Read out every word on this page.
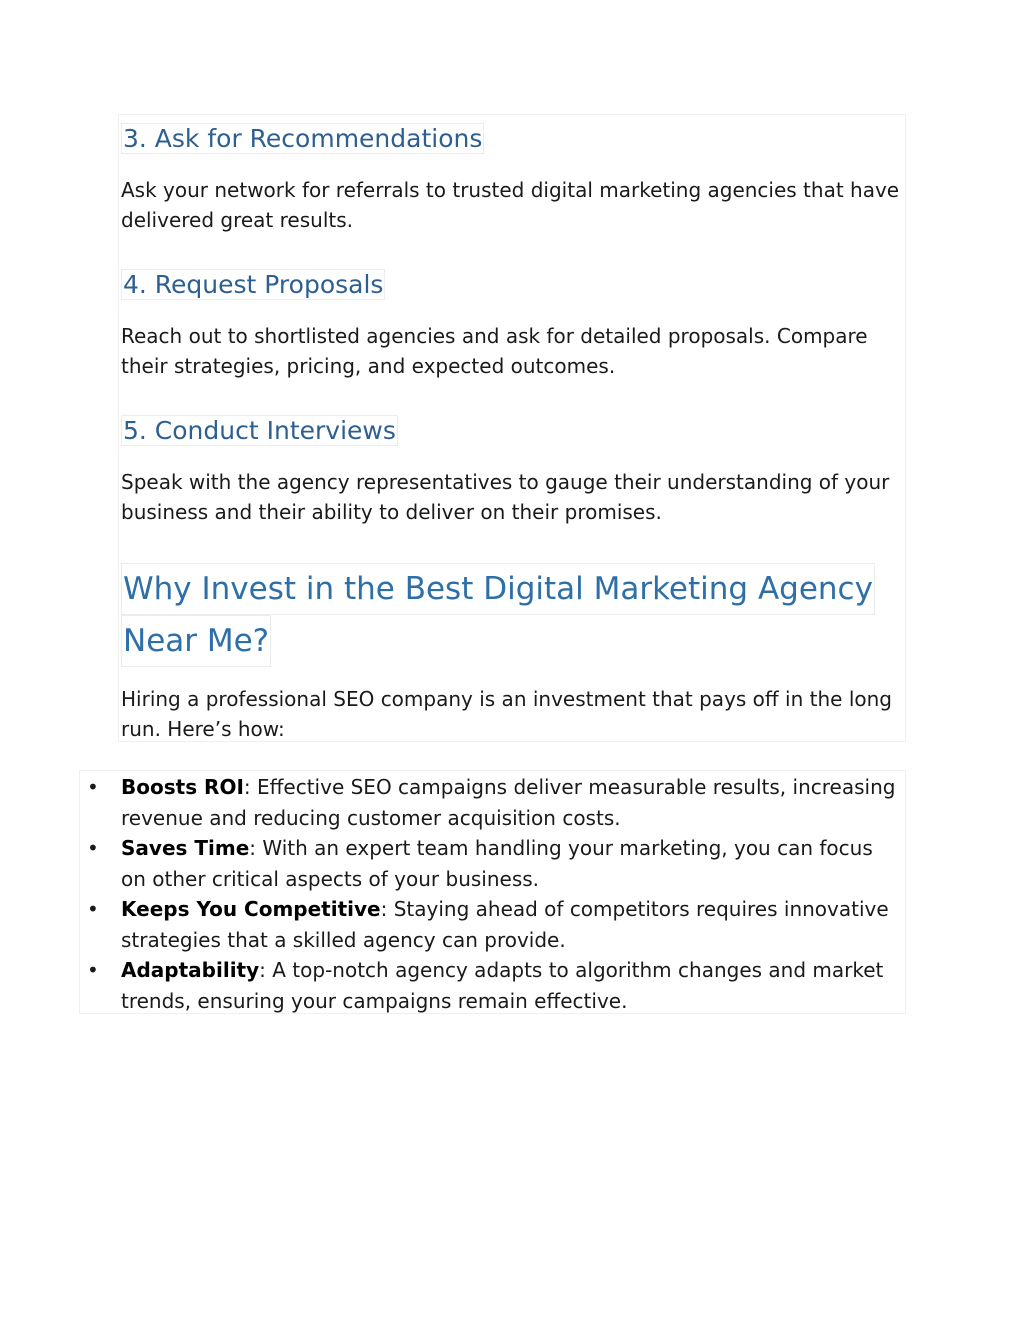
3. Ask for Recommendations

Ask your network for referrals to trusted digital marketing agencies that have delivered great results.

4. Request Proposals

Reach out to shortlisted agencies and ask for detailed proposals. Compare their strategies, pricing, and expected outcomes.

5. Conduct Interviews

Speak with the agency representatives to gauge their understanding of your business and their ability to deliver on their promises.

Why Invest in the Best Digital Marketing Agency
Near Me?

Hiring a professional SEO company is an investment that pays off in the long run. Here’s how:

• Boosts ROI: Effective SEO campaigns deliver measurable results, increasing revenue and reducing customer acquisition costs.
• Saves Time: With an expert team handling your marketing, you can focus on other critical aspects of your business.
• Keeps You Competitive: Staying ahead of competitors requires innovative strategies that a skilled agency can provide.
• Adaptability: A top-notch agency adapts to algorithm changes and market trends, ensuring your campaigns remain effective.
